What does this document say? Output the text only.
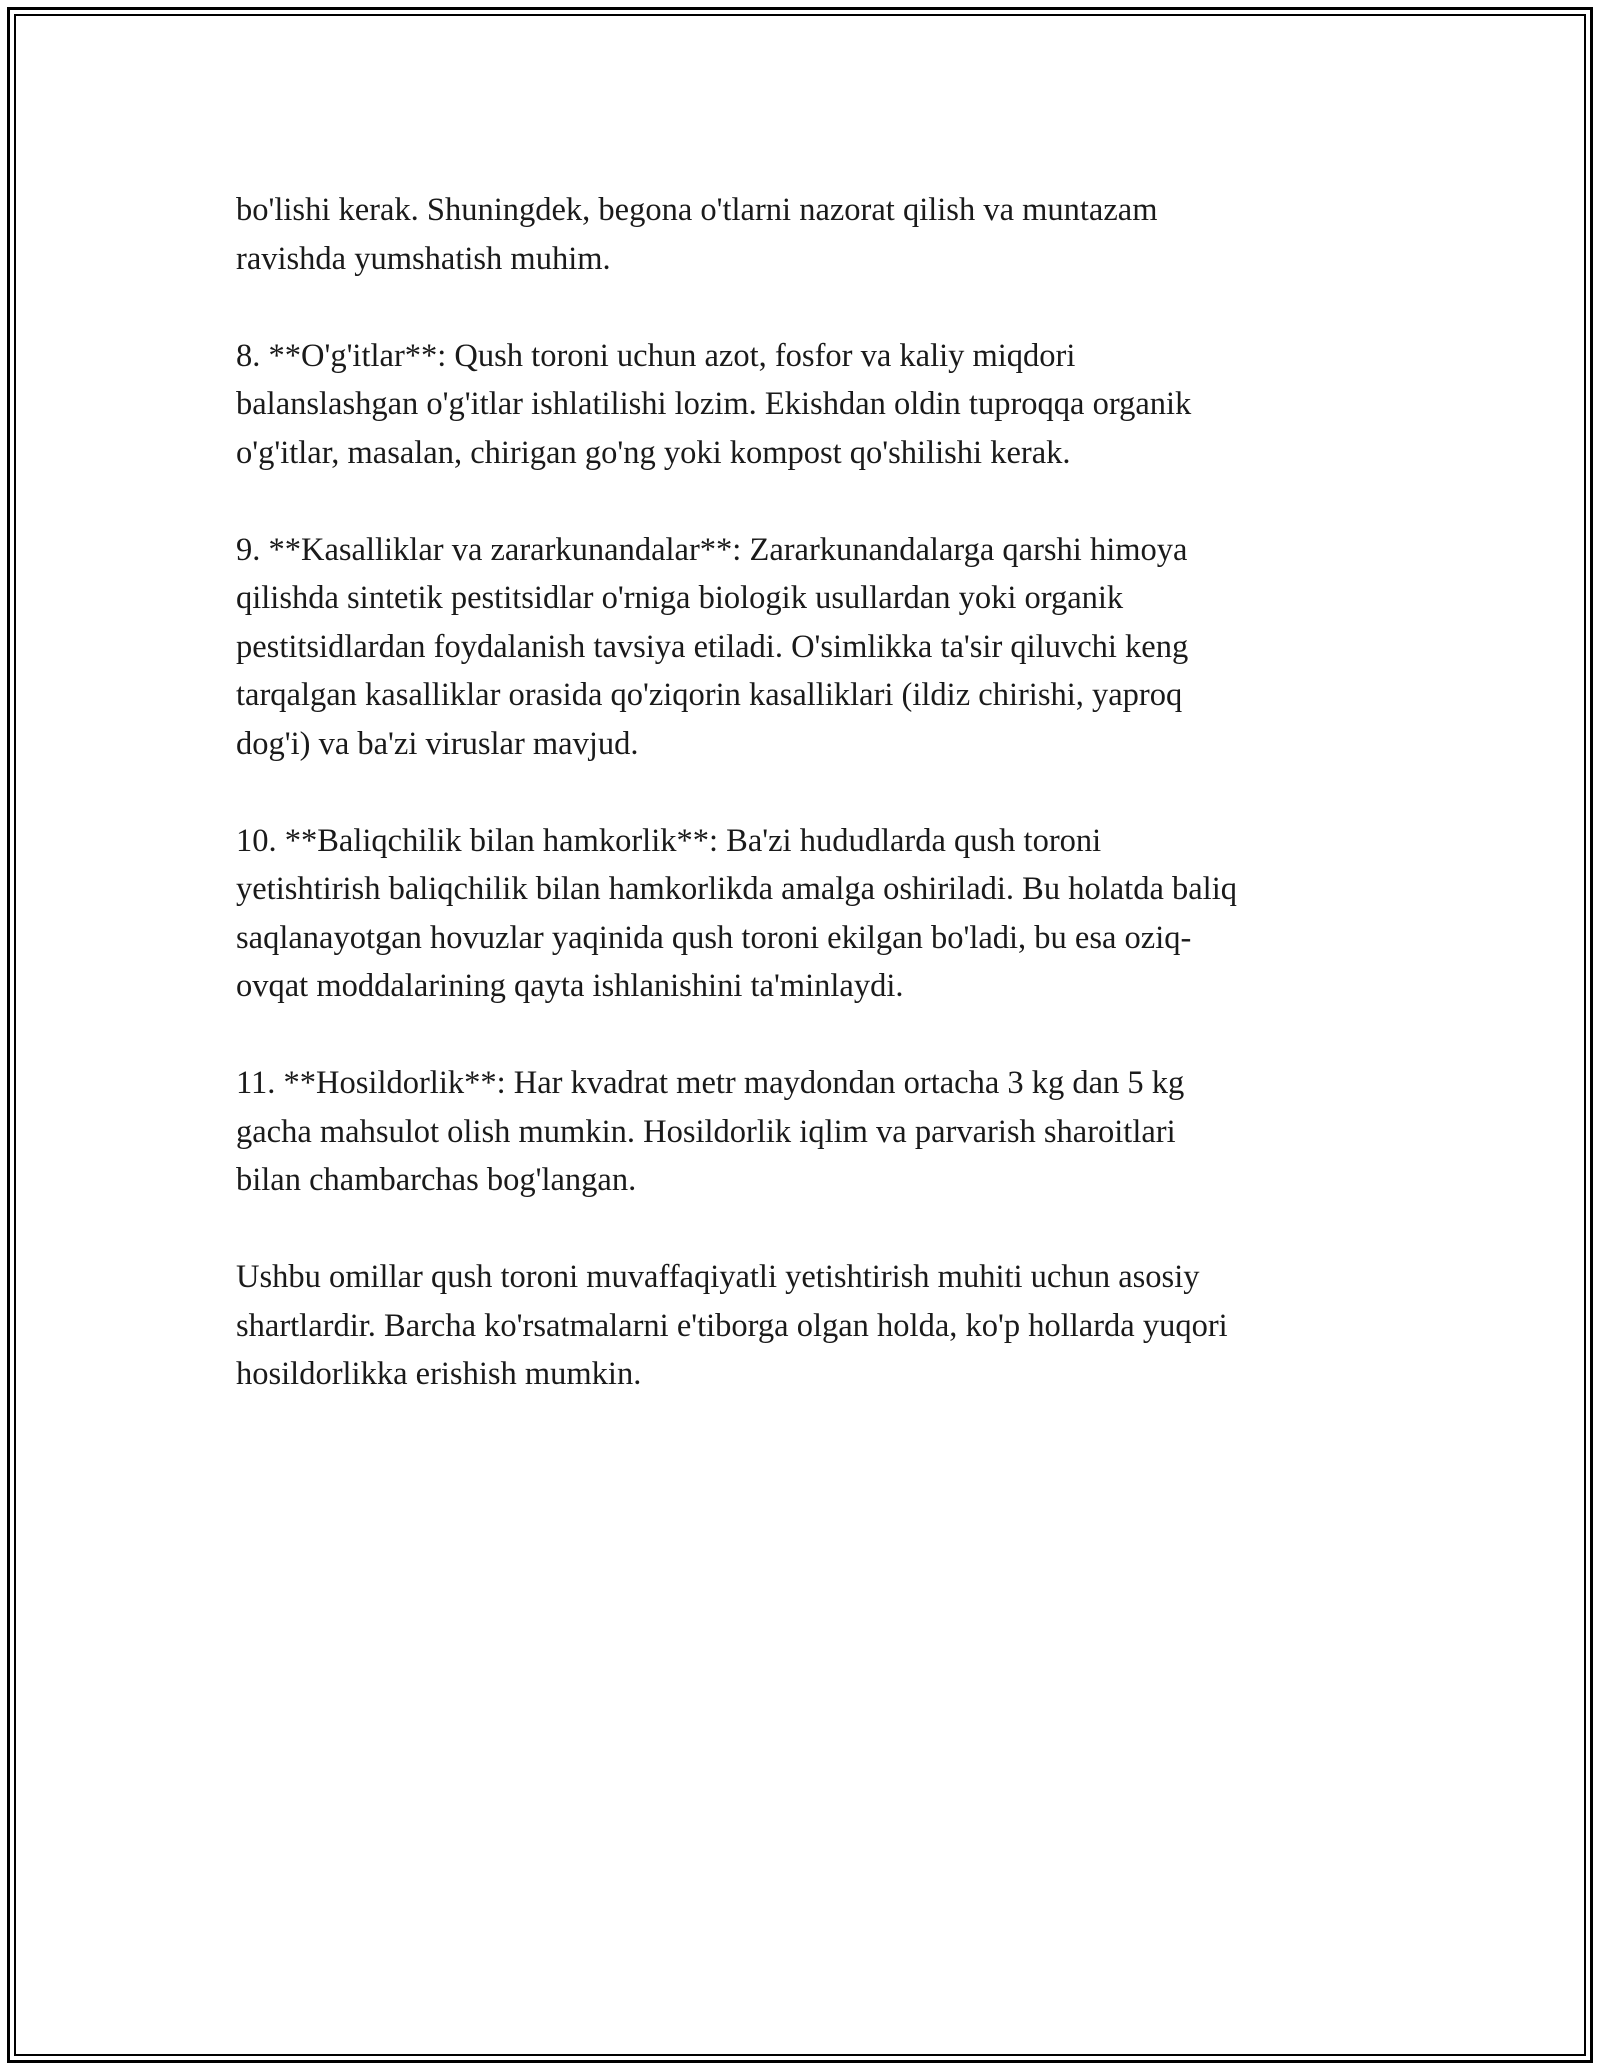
bo'lishi kerak. Shuningdek, begona o'tlarni nazorat qilish va muntazam
ravishda yumshatish muhim.

8. **O'g'itlar**: Qush toroni uchun azot, fosfor va kaliy miqdori
balanslashgan o'g'itlar ishlatilishi lozim. Ekishdan oldin tuproqqa organik
o'g'itlar, masalan, chirigan go'ng yoki kompost qo'shilishi kerak.

9. **Kasalliklar va zararkunandalar**: Zararkunandalarga qarshi himoya
qilishda sintetik pestitsidlar o'rniga biologik usullardan yoki organik
pestitsidlardan foydalanish tavsiya etiladi. O'simlikka ta'sir qiluvchi keng
tarqalgan kasalliklar orasida qo'ziqorin kasalliklari (ildiz chirishi, yaproq
dog'i) va ba'zi viruslar mavjud.

10. **Baliqchilik bilan hamkorlik**: Ba'zi hududlarda qush toroni
yetishtirish baliqchilik bilan hamkorlikda amalga oshiriladi. Bu holatda baliq
saqlanayotgan hovuzlar yaqinida qush toroni ekilgan bo'ladi, bu esa oziq-
ovqat moddalarining qayta ishlanishini ta'minlaydi.

11. **Hosildorlik**: Har kvadrat metr maydondan ortacha 3 kg dan 5 kg
gacha mahsulot olish mumkin. Hosildorlik iqlim va parvarish sharoitlari
bilan chambarchas bog'langan.

Ushbu omillar qush toroni muvaffaqiyatli yetishtirish muhiti uchun asosiy
shartlardir. Barcha ko'rsatmalarni e'tiborga olgan holda, ko'p hollarda yuqori
hosildorlikka erishish mumkin.
